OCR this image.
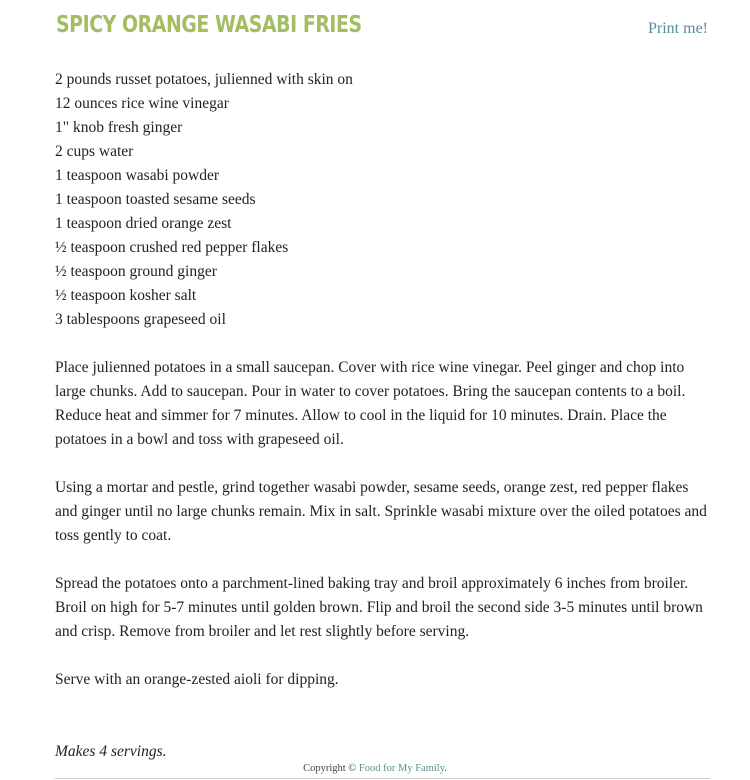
SPICY ORANGE WASABI FRIES	Print me!
2 pounds russet potatoes, julienned with skin on
12 ounces rice wine vinegar
1" knob fresh ginger
2 cups water
1 teaspoon wasabi powder
1 teaspoon toasted sesame seeds
1 teaspoon dried orange zest
½ teaspoon crushed red pepper flakes
½ teaspoon ground ginger
½ teaspoon kosher salt
3 tablespoons grapeseed oil

Place julienned potatoes in a small saucepan. Cover with rice wine vinegar. Peel ginger and chop into large chunks. Add to saucepan. Pour in water to cover potatoes. Bring the saucepan contents to a boil. Reduce heat and simmer for 7 minutes. Allow to cool in the liquid for 10 minutes. Drain. Place the potatoes in a bowl and toss with grapeseed oil.

Using a mortar and pestle, grind together wasabi powder, sesame seeds, orange zest, red pepper flakes and ginger until no large chunks remain. Mix in salt. Sprinkle wasabi mixture over the oiled potatoes and toss gently to coat.

Spread the potatoes onto a parchment-lined baking tray and broil approximately 6 inches from broiler. Broil on high for 5-7 minutes until golden brown. Flip and broil the second side 3-5 minutes until brown and crisp. Remove from broiler and let rest slightly before serving.

Serve with an orange-zested aioli for dipping.

Makes 4 servings.

Copyright © Food for My Family.
